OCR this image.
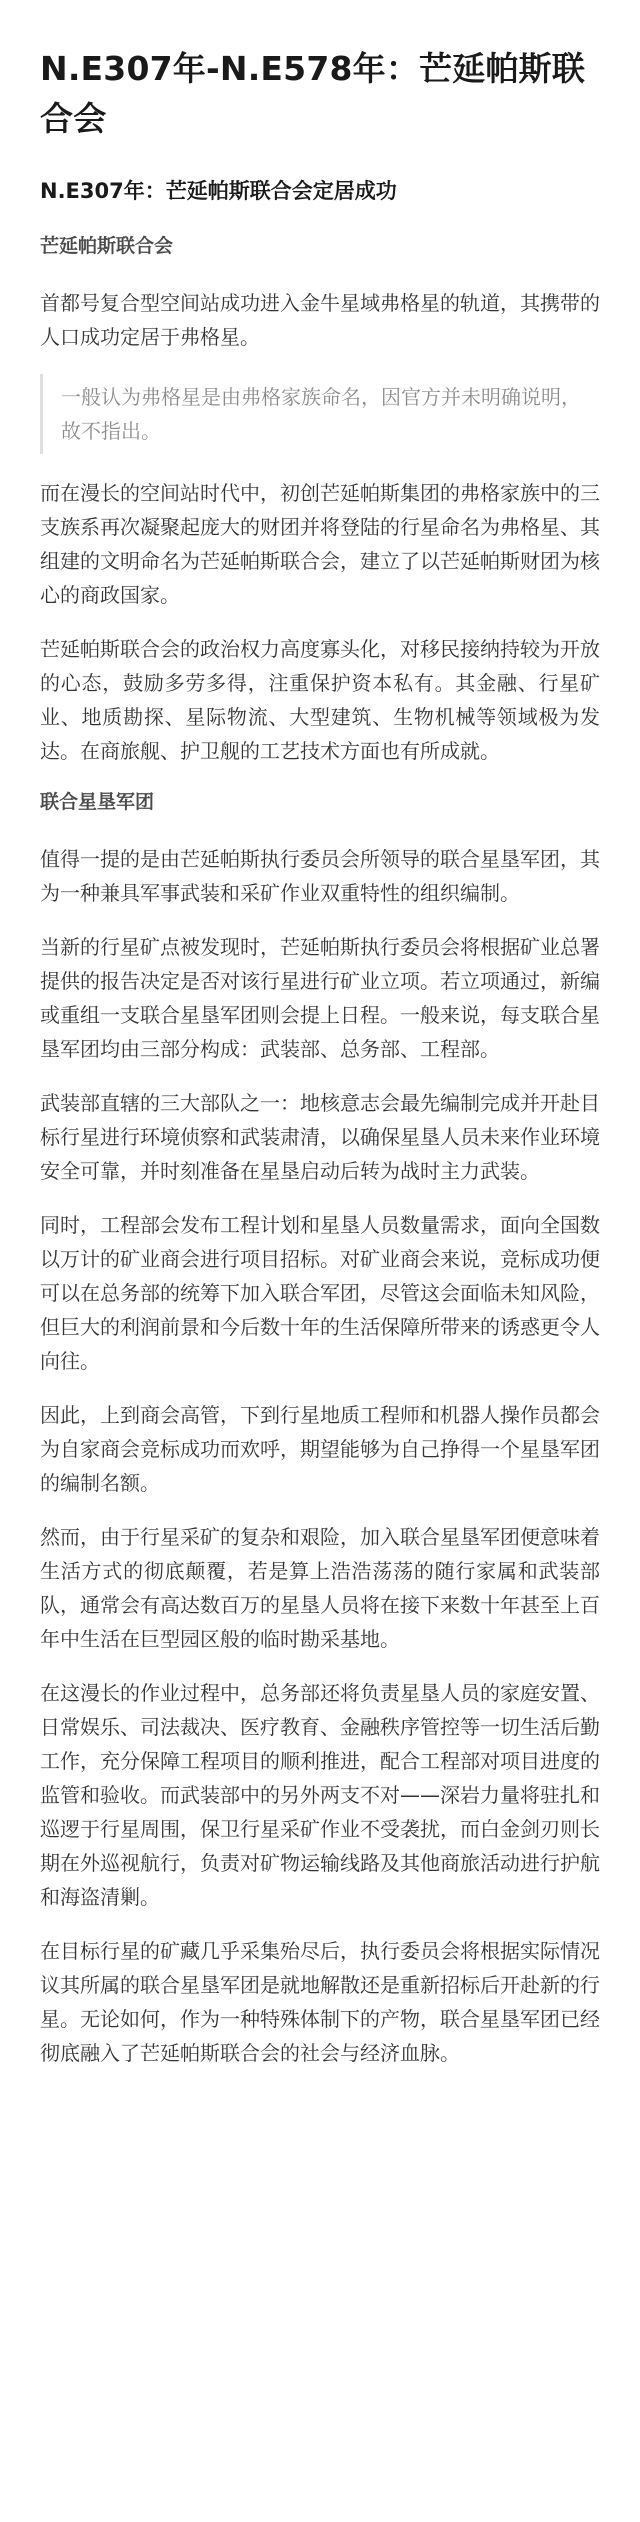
N.E307年-N.E578年：芒延帕斯联合会
N.E307年：芒延帕斯联合会定居成功
芒延帕斯联合会

首都号复合型空间站成功进入金牛星域弗格星的轨道，其携带的人口成功定居于弗格星。

一般认为弗格星是由弗格家族命名，因官方并未明确说明，故不指出。

而在漫长的空间站时代中，初创芒延帕斯集团的弗格家族中的三支族系再次凝聚起庞大的财团并将登陆的行星命名为弗格星、其组建的文明命名为芒延帕斯联合会，建立了以芒延帕斯财团为核心的商政国家。

芒延帕斯联合会的政治权力高度寡头化，对移民接纳持较为开放的心态，鼓励多劳多得，注重保护资本私有。其金融、行星矿业、地质勘探、星际物流、大型建筑、生物机械等领域极为发达。在商旅舰、护卫舰的工艺技术方面也有所成就。

联合星垦军团

值得一提的是由芒延帕斯执行委员会所领导的联合星垦军团，其为一种兼具军事武装和采矿作业双重特性的组织编制。

当新的行星矿点被发现时，芒延帕斯执行委员会将根据矿业总署提供的报告决定是否对该行星进行矿业立项。若立项通过，新编或重组一支联合星垦军团则会提上日程。一般来说，每支联合星垦军团均由三部分构成：武装部、总务部、工程部。

武装部直辖的三大部队之一：地核意志会最先编制完成并开赴目标行星进行环境侦察和武装肃清，以确保星垦人员未来作业环境安全可靠，并时刻准备在星垦启动后转为战时主力武装。

同时，工程部会发布工程计划和星垦人员数量需求，面向全国数以万计的矿业商会进行项目招标。对矿业商会来说，竞标成功便可以在总务部的统筹下加入联合军团，尽管这会面临未知风险，但巨大的利润前景和今后数十年的生活保障所带来的诱惑更令人向往。

因此，上到商会高管，下到行星地质工程师和机器人操作员都会为自家商会竞标成功而欢呼，期望能够为自己挣得一个星垦军团的编制名额。

然而，由于行星采矿的复杂和艰险，加入联合星垦军团便意味着生活方式的彻底颠覆，若是算上浩浩荡荡的随行家属和武装部队，通常会有高达数百万的星垦人员将在接下来数十年甚至上百年中生活在巨型园区般的临时勘采基地。

在这漫长的作业过程中，总务部还将负责星垦人员的家庭安置、日常娱乐、司法裁决、医疗教育、金融秩序管控等一切生活后勤工作，充分保障工程项目的顺利推进，配合工程部对项目进度的监管和验收。而武装部中的另外两支不对——深岩力量将驻扎和巡逻于行星周围，保卫行星采矿作业不受袭扰，而白金剑刃则长期在外巡视航行，负责对矿物运输线路及其他商旅活动进行护航和海盗清剿。

在目标行星的矿藏几乎采集殆尽后，执行委员会将根据实际情况议其所属的联合星垦军团是就地解散还是重新招标后开赴新的行星。无论如何，作为一种特殊体制下的产物，联合星垦军团已经彻底融入了芒延帕斯联合会的社会与经济血脉。
